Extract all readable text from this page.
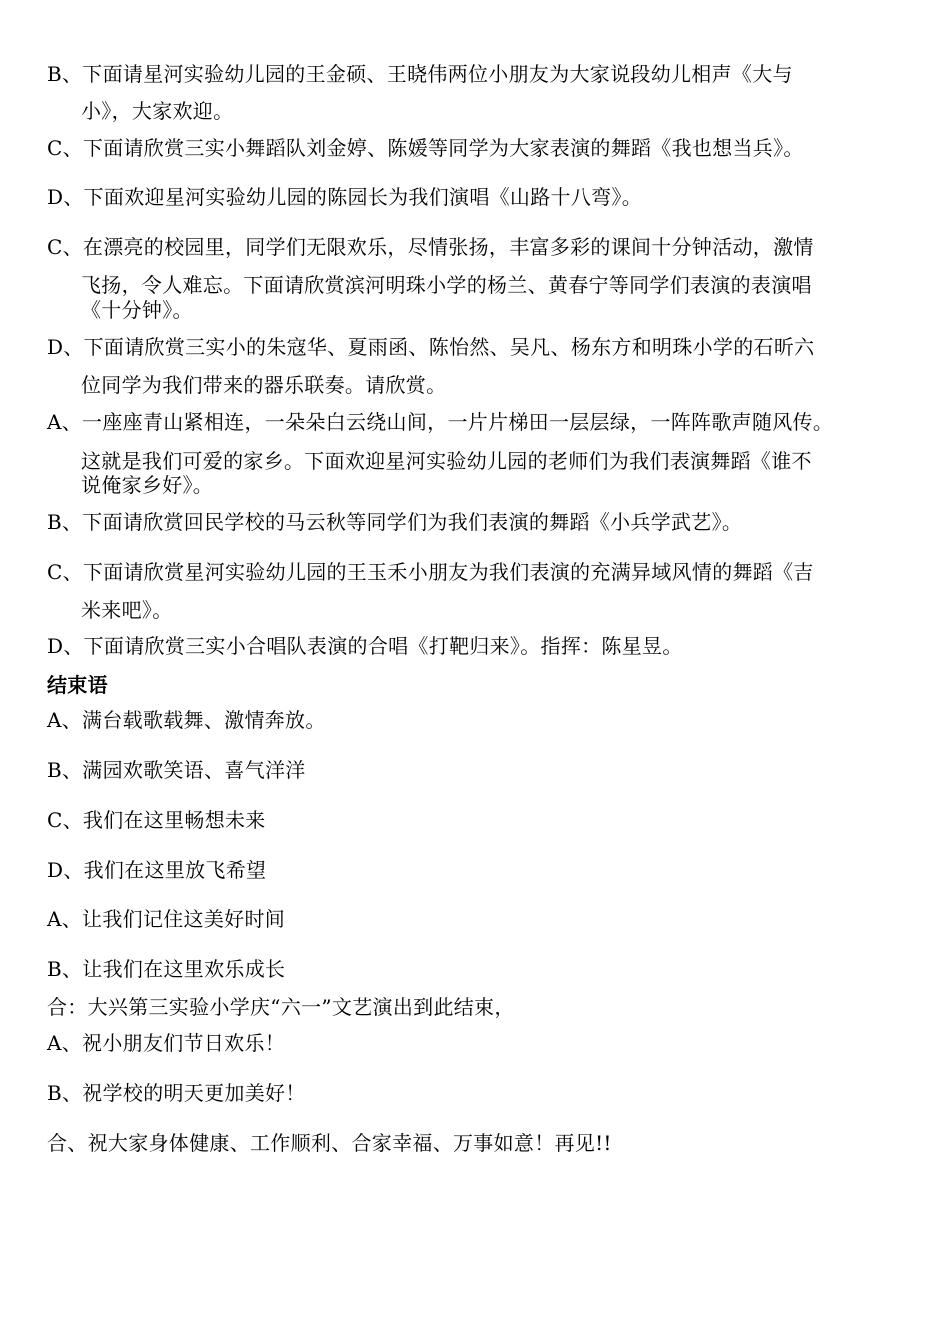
B、下面请星河实验幼儿园的王金硕、王晓伟两位小朋友为大家说段幼儿相声《大与
小》，大家欢迎。
C、下面请欣赏三实小舞蹈队刘金婷、陈媛等同学为大家表演的舞蹈《我也想当兵》。
D、下面欢迎星河实验幼儿园的陈园长为我们演唱《山路十八弯》。
C、在漂亮的校园里，同学们无限欢乐，尽情张扬，丰富多彩的课间十分钟活动，激情
飞扬，令人难忘。下面请欣赏滨河明珠小学的杨兰、黄春宁等同学们表演的表演唱
《十分钟》。
D、下面请欣赏三实小的朱寇华、夏雨函、陈怡然、吴凡、杨东方和明珠小学的石昕六
位同学为我们带来的器乐联奏。请欣赏。
A、一座座青山紧相连，一朵朵白云绕山间，一片片梯田一层层绿，一阵阵歌声随风传。
这就是我们可爱的家乡。下面欢迎星河实验幼儿园的老师们为我们表演舞蹈《谁不
说俺家乡好》。
B、下面请欣赏回民学校的马云秋等同学们为我们表演的舞蹈《小兵学武艺》。
C、下面请欣赏星河实验幼儿园的王玉禾小朋友为我们表演的充满异域风情的舞蹈《吉
米来吧》。
D、下面请欣赏三实小合唱队表演的合唱《打靶归来》。指挥：陈星昱。
结束语
A、满台载歌载舞、激情奔放。
B、满园欢歌笑语、喜气洋洋
C、我们在这里畅想未来
D、我们在这里放飞希望
A、让我们记住这美好时间
B、让我们在这里欢乐成长
合：大兴第三实验小学庆“六一”文艺演出到此结束，
A、祝小朋友们节日欢乐！
B、祝学校的明天更加美好！
合、祝大家身体健康、工作顺利、合家幸福、万事如意！再见!!
